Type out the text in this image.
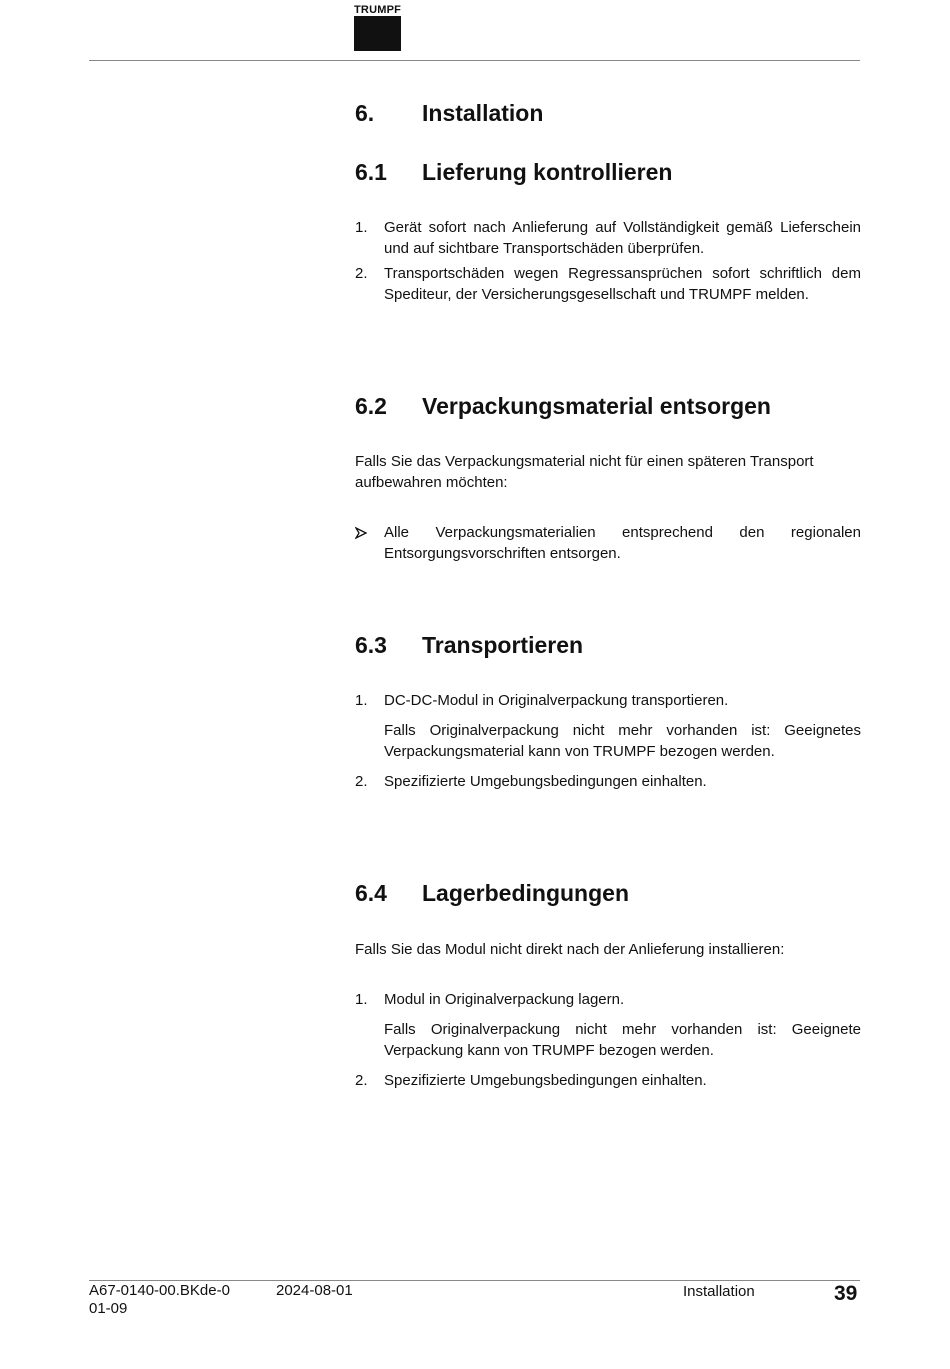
TRUMPF
6.	Installation
6.1	Lieferung kontrollieren
1.	Gerät sofort nach Anlieferung auf Vollständigkeit gemäß Lieferschein und auf sichtbare Transportschäden überprüfen.
2.	Transportschäden wegen Regressansprüchen sofort schriftlich dem Spediteur, der Versicherungsgesellschaft und TRUMPF melden.
6.2	Verpackungsmaterial entsorgen

Falls Sie das Verpackungsmaterial nicht für einen späteren Transport aufbewahren möchten:

Alle Verpackungsmaterialien entsprechend den regionalen Entsorgungsvorschriften entsorgen.
6.3	Transportieren
1.	DC-DC-Modul in Originalverpackung transportieren.
Falls Originalverpackung nicht mehr vorhanden ist: Geeignetes Verpackungsmaterial kann von TRUMPF bezogen werden.
2.	Spezifizierte Umgebungsbedingungen einhalten.
6.4	Lagerbedingungen

Falls Sie das Modul nicht direkt nach der Anlieferung installieren:

1.	Modul in Originalverpackung lagern.
Falls Originalverpackung nicht mehr vorhanden ist: Geeignete Verpackung kann von TRUMPF bezogen werden.
2.	Spezifizierte Umgebungsbedingungen einhalten.
A67-0140-00.BKde-0
01-09
2024-08-01	Installation	39
